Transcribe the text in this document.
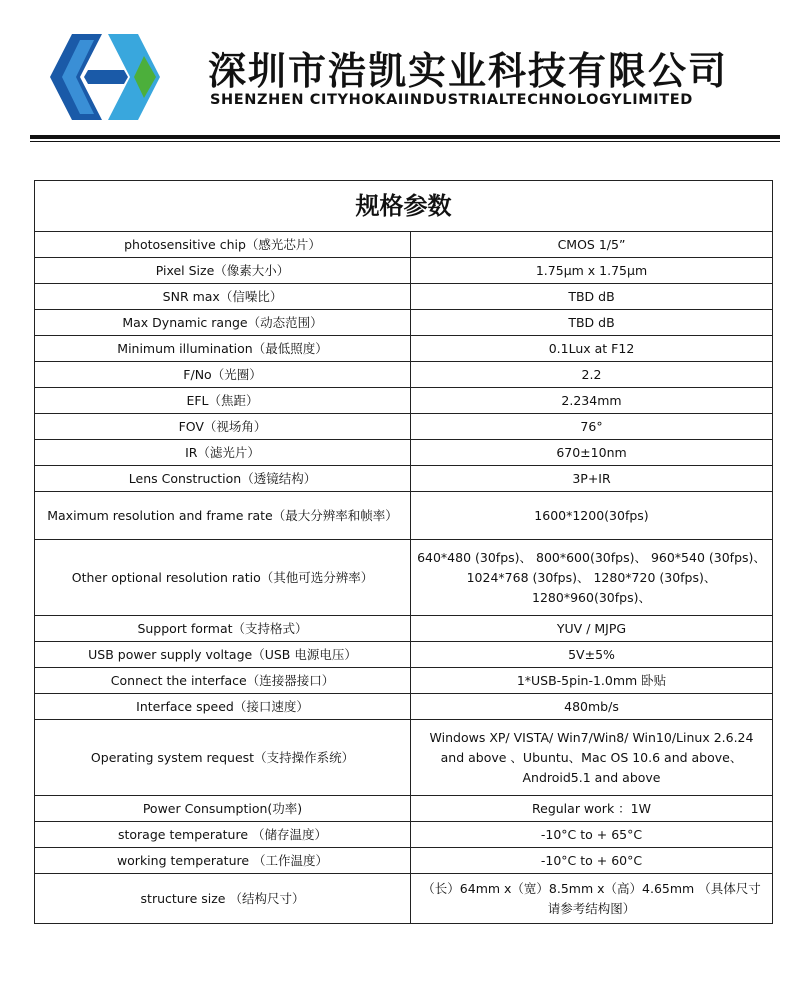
深圳市浩凯实业科技有限公司
SHENZHEN CITYHOKAIINDUSTRIALTECHNOLOGYLIMITED
规格参数	
photosensitive chip（感光芯片）	CMOS 1/5”
Pixel Size（像素大小）	1.75μm x 1.75μm
SNR max（信噪比）	TBD dB
Max Dynamic range（动态范围）	TBD dB
Minimum illumination（最低照度）	0.1Lux at F12
F/No（光圈）	2.2
EFL（焦距）	2.234mm
FOV（视场角）	76°
IR（滤光片）	670±10nm
Lens Construction（透镜结构）	3P+IR
Maximum resolution and frame rate（最大分辨率和帧率）	1600*1200(30fps)
Other optional resolution ratio（其他可选分辨率）	640*480 (30fps)、 800*600(30fps)、 960*540 (30fps)、1024*768 (30fps)、 1280*720 (30fps)、 1280*960(30fps)、
Support format（支持格式）	YUV / MJPG
USB power supply voltage（USB 电源电压）	5V±5%
Connect the interface（连接器接口）	1*USB-5pin-1.0mm 卧贴
Interface speed（接口速度）	480mb/s
Operating system request（支持操作系统）	Windows XP/ VISTA/ Win7/Win8/ Win10/Linux 2.6.24 and above 、Ubuntu、Mac OS 10.6 and above、Android5.1 and above
Power Consumption(功率)	Regular work ：1W
storage temperature （储存温度）	-10°C to + 65°C
working temperature （工作温度）	-10°C to + 60°C
structure size （结构尺寸）	（长）64mm x（宽）8.5mm x（高）4.65mm （具体尺寸请参考结构图）
